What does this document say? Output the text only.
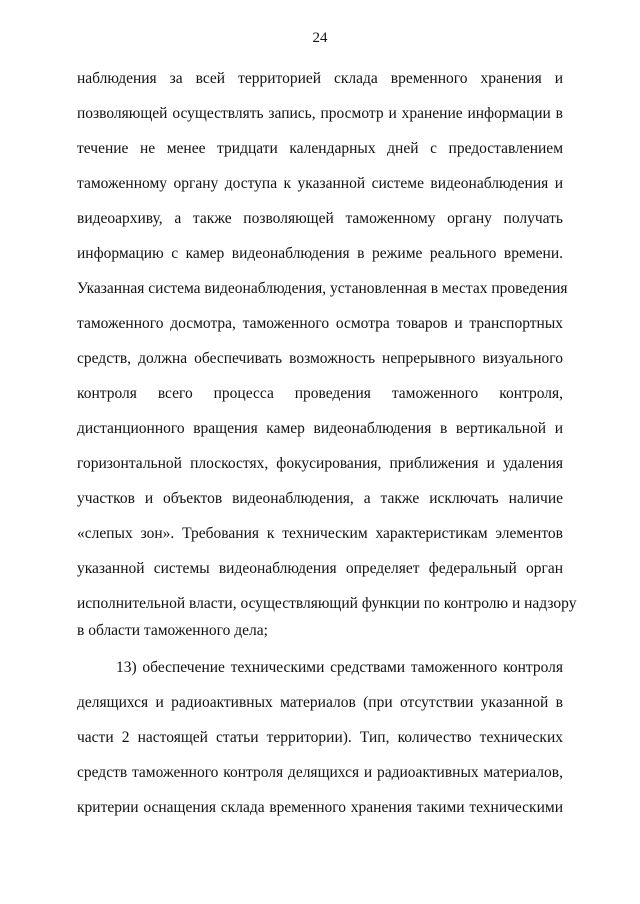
24
наблюдения за всей территорией склада временного хранения и
позволяющей осуществлять запись, просмотр и хранение информации в
течение не менее тридцати календарных дней с предоставлением
таможенному органу доступа к указанной системе видеонаблюдения и
видеоархиву, а также позволяющей таможенному органу получать
информацию с камер видеонаблюдения в режиме реального времени.
Указанная система видеонаблюдения, установленная в местах проведения
таможенного досмотра, таможенного осмотра товаров и транспортных
средств, должна обеспечивать возможность непрерывного визуального
контроля всего процесса проведения таможенного контроля,
дистанционного вращения камер видеонаблюдения в вертикальной и
горизонтальной плоскостях, фокусирования, приближения и удаления
участков и объектов видеонаблюдения, а также исключать наличие
«слепых зон». Требования к техническим характеристикам элементов
указанной системы видеонаблюдения определяет федеральный орган
исполнительной власти, осуществляющий функции по контролю и надзору
в области таможенного дела;
13) обеспечение техническими средствами таможенного контроля
делящихся и радиоактивных материалов (при отсутствии указанной в
части 2 настоящей статьи территории). Тип, количество технических
средств таможенного контроля делящихся и радиоактивных материалов,
критерии оснащения склада временного хранения такими техническими
